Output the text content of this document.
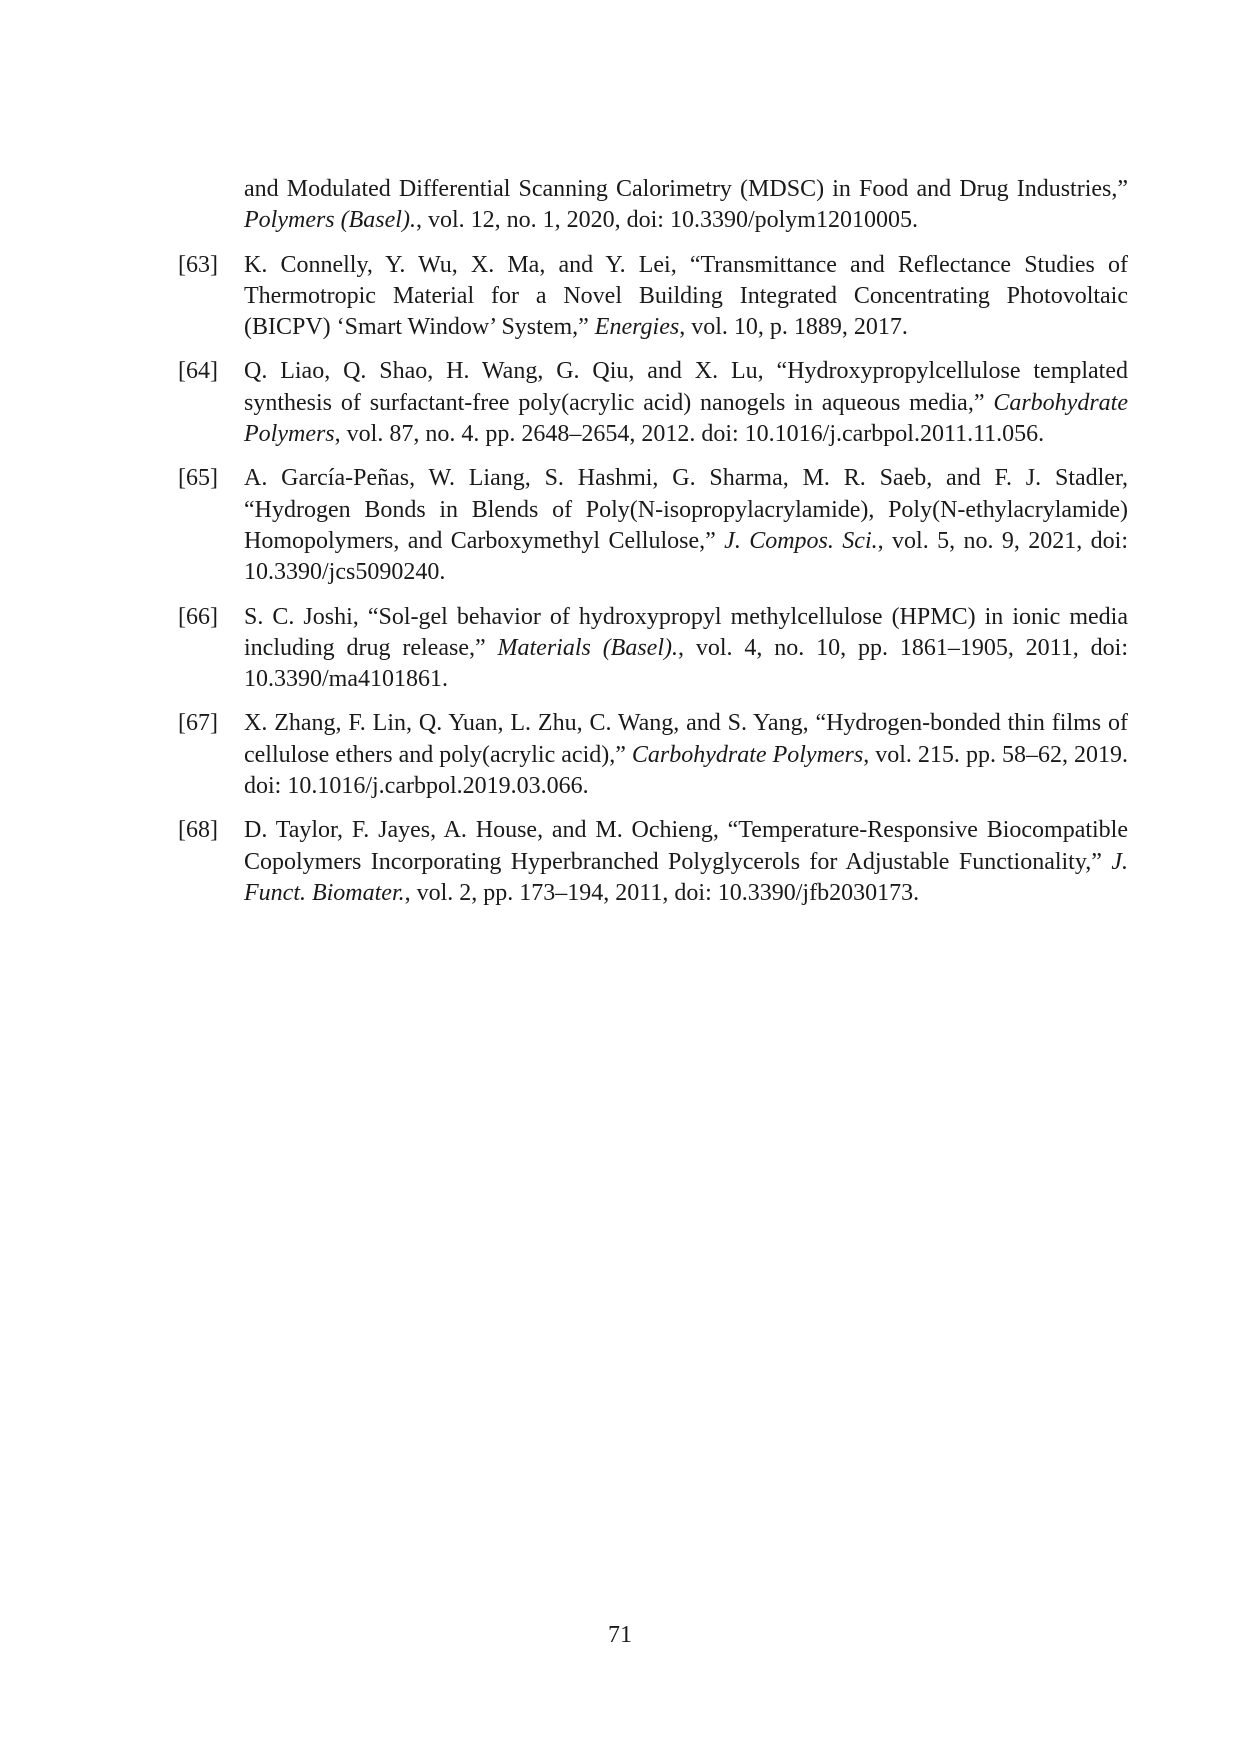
and Modulated Differential Scanning Calorimetry (MDSC) in Food and Drug Industries,” Polymers (Basel)., vol. 12, no. 1, 2020, doi: 10.3390/polym12010005.
[63]	K. Connelly, Y. Wu, X. Ma, and Y. Lei, “Transmittance and Reflectance Studies of Thermotropic Material for a Novel Building Integrated Concentrating Photovoltaic (BICPV) ‘Smart Window’ System,” Energies, vol. 10, p. 1889, 2017.
[64]	Q. Liao, Q. Shao, H. Wang, G. Qiu, and X. Lu, “Hydroxypropylcellulose templated synthesis of surfactant-free poly(acrylic acid) nanogels in aqueous media,” Carbohydrate Polymers, vol. 87, no. 4. pp. 2648–2654, 2012. doi: 10.1016/j.carbpol.2011.11.056.
[65]	A. García-Peñas, W. Liang, S. Hashmi, G. Sharma, M. R. Saeb, and F. J. Stadler, “Hydrogen Bonds in Blends of Poly(N-isopropylacrylamide), Poly(N-ethylacrylamide) Homopolymers, and Carboxymethyl Cellulose,” J. Compos. Sci., vol. 5, no. 9, 2021, doi: 10.3390/jcs5090240.
[66]	S. C. Joshi, “Sol-gel behavior of hydroxypropyl methylcellulose (HPMC) in ionic media including drug release,” Materials (Basel)., vol. 4, no. 10, pp. 1861–1905, 2011, doi: 10.3390/ma4101861.
[67]	X. Zhang, F. Lin, Q. Yuan, L. Zhu, C. Wang, and S. Yang, “Hydrogen-bonded thin films of cellulose ethers and poly(acrylic acid),” Carbohydrate Polymers, vol. 215. pp. 58–62, 2019. doi: 10.1016/j.carbpol.2019.03.066.
[68]	D. Taylor, F. Jayes, A. House, and M. Ochieng, “Temperature-Responsive Biocompatible Copolymers Incorporating Hyperbranched Polyglycerols for Adjustable Functionality,” J. Funct. Biomater., vol. 2, pp. 173–194, 2011, doi: 10.3390/jfb2030173.
71
